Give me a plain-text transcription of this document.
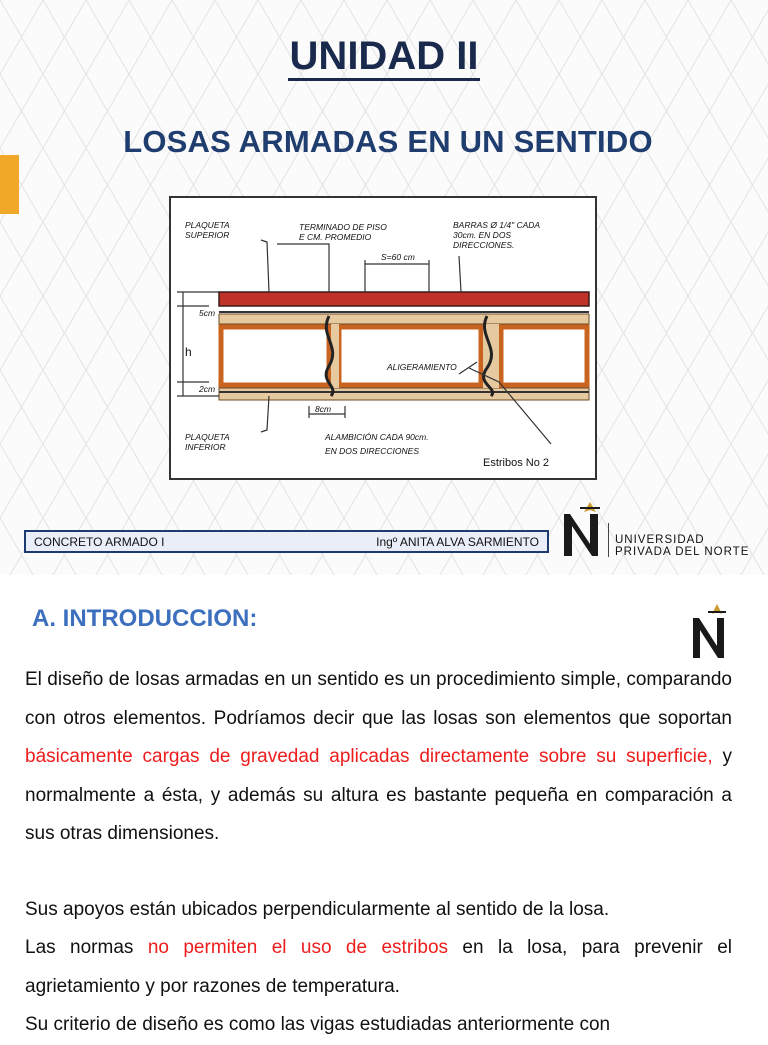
UNIDAD II
LOSAS ARMADAS EN UN SENTIDO
PLAQUETA
SUPERIOR
TERMINADO DE PISO
E CM. PROMEDIO
BARRAS Ø 1/4" CADA
30cm. EN DOS
DIRECCIONES.
S=60 cm
5cm
h
2cm
ALIGERAMIENTO
8cm
PLAQUETA
INFERIOR
ALAMBICIÓN CADA 90cm.
EN DOS DIRECCIONES
Estribos No 2
CONCRETO ARMADO I	Ingº ANITA ALVA SARMIENTO	UNIVERSIDAD
PRIVADA DEL NORTE
A. INTRODUCCION:
El diseño de losas armadas en un sentido es un procedimiento simple, comparando con otros elementos. Podríamos decir que las losas son elementos que soportan básicamente cargas de gravedad aplicadas directamente sobre su superficie, y normalmente a ésta, y además su altura es bastante pequeña en comparación a sus otras dimensiones.
Sus apoyos están ubicados perpendicularmente al sentido de la losa.
Las normas no permiten el uso de estribos en la losa, para prevenir el agrietamiento y por razones de temperatura.
Su criterio de diseño es como las vigas estudiadas anteriormente con
